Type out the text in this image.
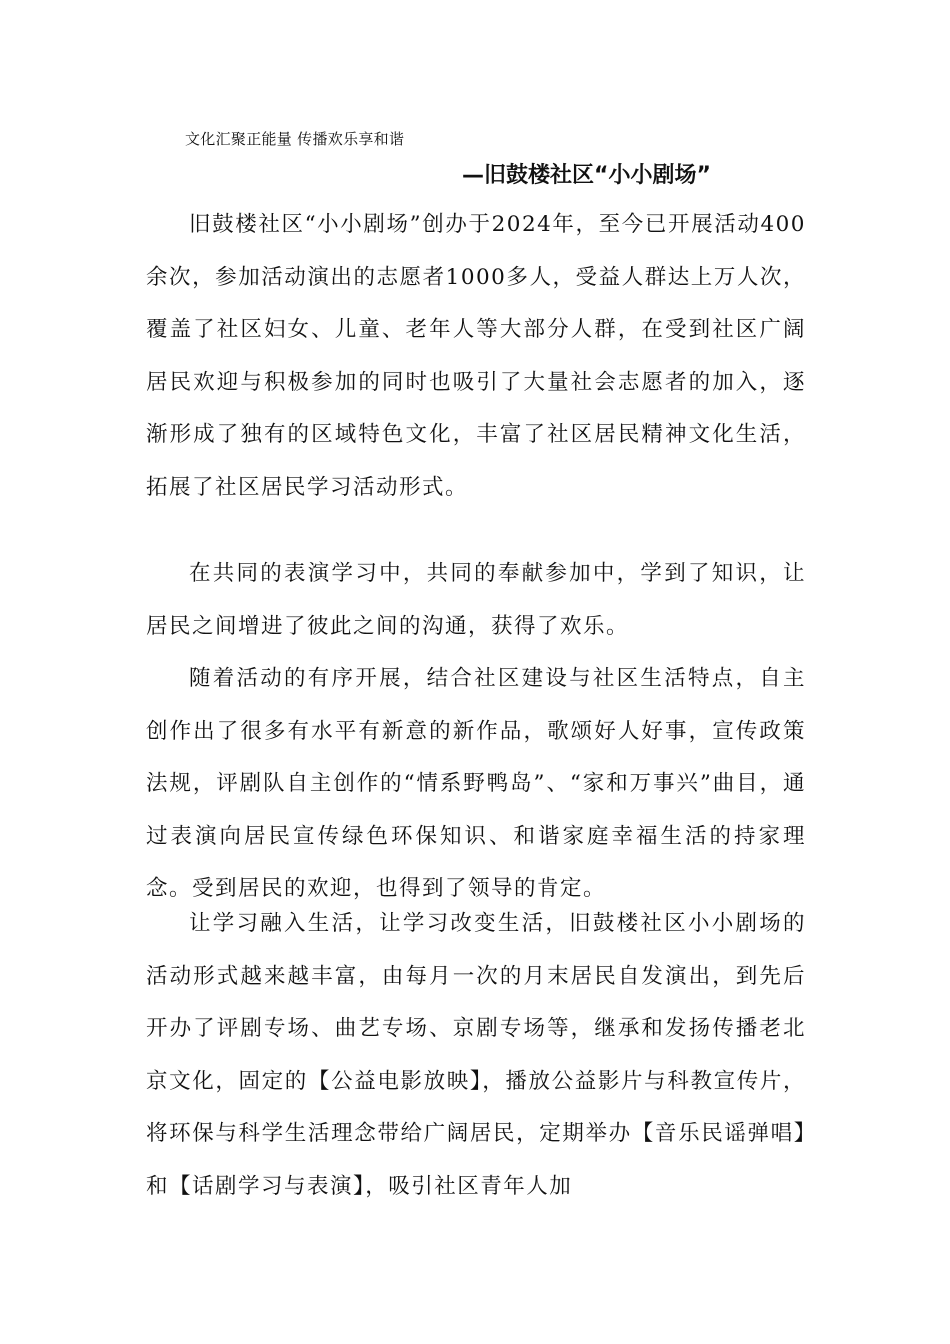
文化汇聚正能量 传播欢乐享和谐
—旧鼓楼社区“小小剧场”

旧鼓楼社区“小小剧场”创办于2024年，至今已开展活动400余次，参加活动演出的志愿者1000多人，受益人群达上万人次，覆盖了社区妇女、儿童、老年人等大部分人群，在受到社区广阔居民欢迎与积极参加的同时也吸引了大量社会志愿者的加入，逐渐形成了独有的区域特色文化，丰富了社区居民精神文化生活，拓展了社区居民学习活动形式。

在共同的表演学习中，共同的奉献参加中，学到了知识，让居民之间增进了彼此之间的沟通，获得了欢乐。

随着活动的有序开展，结合社区建设与社区生活特点，自主创作出了很多有水平有新意的新作品，歌颂好人好事，宣传政策法规，评剧队自主创作的“情系野鸭岛”、“家和万事兴”曲目，通过表演向居民宣传绿色环保知识、和谐家庭幸福生活的持家理念。受到居民的欢迎，也得到了领导的肯定。

让学习融入生活，让学习改变生活，旧鼓楼社区小小剧场的活动形式越来越丰富，由每月一次的月末居民自发演出，到先后开办了评剧专场、曲艺专场、京剧专场等，继承和发扬传播老北京文化，固定的【公益电影放映】，播放公益影片与科教宣传片，将环保与科学生活理念带给广阔居民，定期举办【音乐民谣弹唱】和【话剧学习与表演】，吸引社区青年人加
